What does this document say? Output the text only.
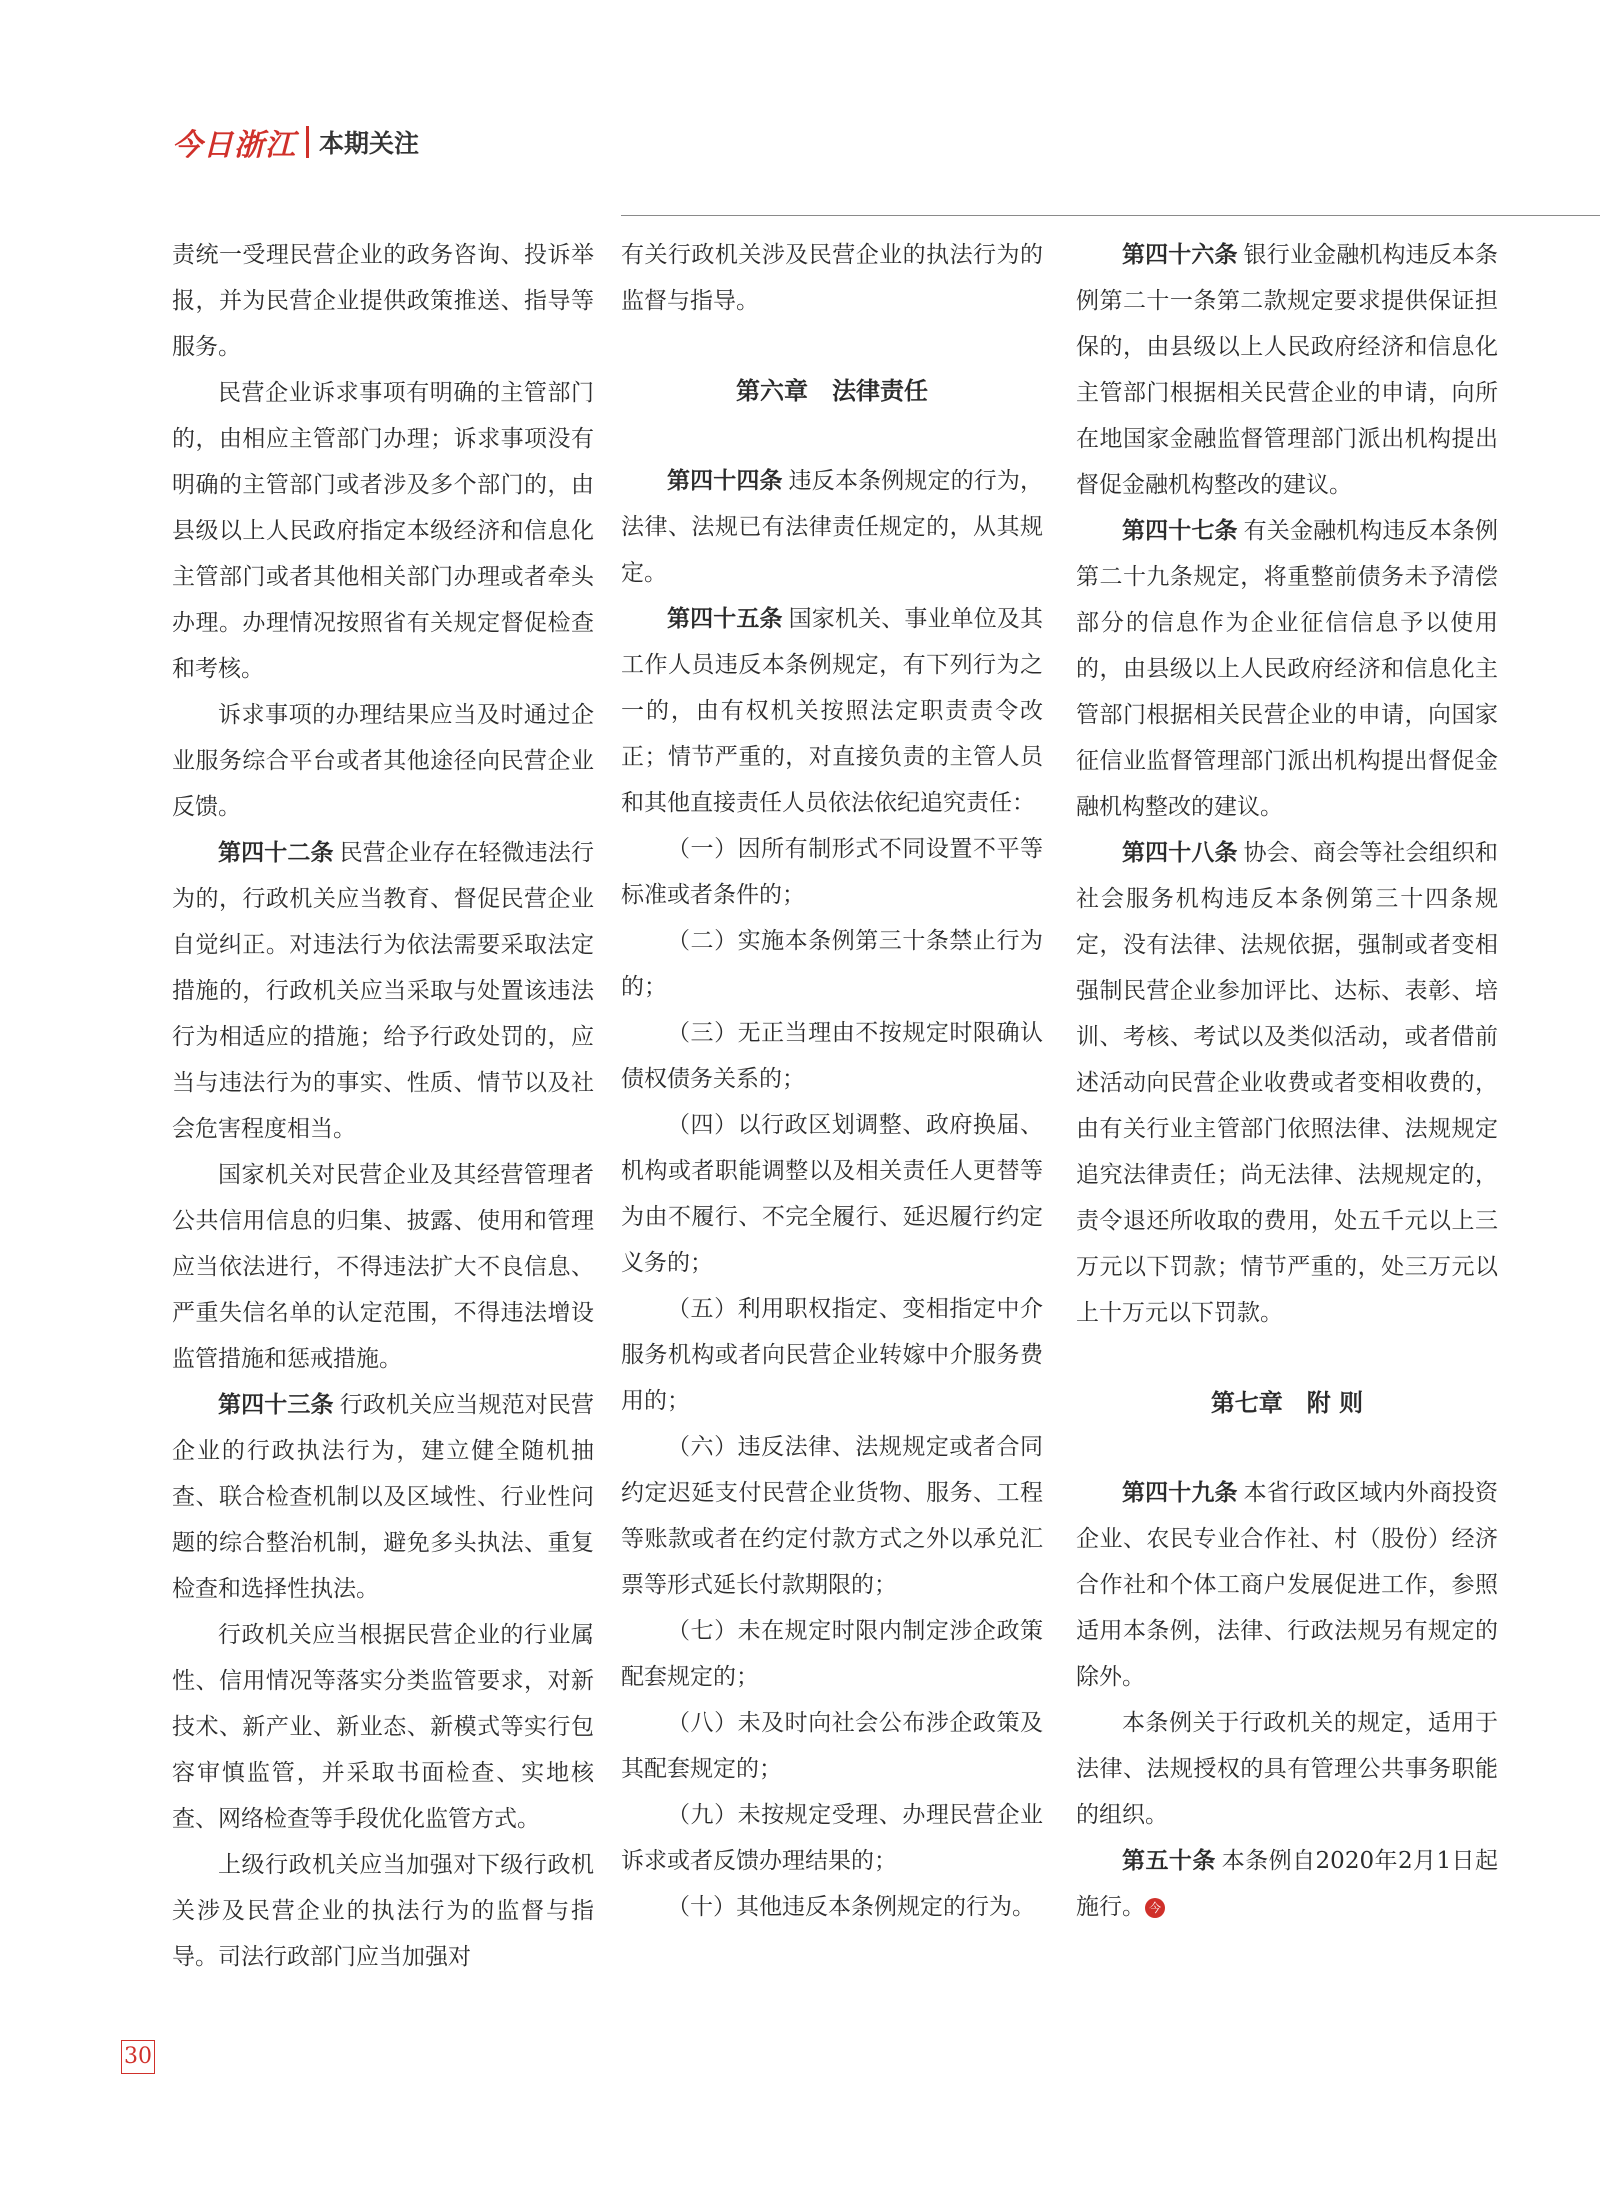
今日浙江 本期关注

责统一受理民营企业的政务咨询、投诉举报，并为民营企业提供政策推送、指导等服务。

民营企业诉求事项有明确的主管部门的，由相应主管部门办理；诉求事项没有明确的主管部门或者涉及多个部门的，由县级以上人民政府指定本级经济和信息化主管部门或者其他相关部门办理或者牵头办理。办理情况按照省有关规定督促检查和考核。

诉求事项的办理结果应当及时通过企业服务综合平台或者其他途径向民营企业反馈。

第四十二条 民营企业存在轻微违法行为的，行政机关应当教育、督促民营企业自觉纠正。对违法行为依法需要采取法定措施的，行政机关应当采取与处置该违法行为相适应的措施；给予行政处罚的，应当与违法行为的事实、性质、情节以及社会危害程度相当。

国家机关对民营企业及其经营管理者公共信用信息的归集、披露、使用和管理应当依法进行，不得违法扩大不良信息、严重失信名单的认定范围，不得违法增设监管措施和惩戒措施。

第四十三条 行政机关应当规范对民营企业的行政执法行为，建立健全随机抽查、联合检查机制以及区域性、行业性问题的综合整治机制，避免多头执法、重复检查和选择性执法。

行政机关应当根据民营企业的行业属性、信用情况等落实分类监管要求，对新技术、新产业、新业态、新模式等实行包容审慎监管，并采取书面检查、实地核查、网络检查等手段优化监管方式。

上级行政机关应当加强对下级行政机关涉及民营企业的执法行为的监督与指导。司法行政部门应当加强对

有关行政机关涉及民营企业的执法行为的监督与指导。

第六章　法律责任

第四十四条 违反本条例规定的行为，法律、法规已有法律责任规定的，从其规定。

第四十五条 国家机关、事业单位及其工作人员违反本条例规定，有下列行为之一的，由有权机关按照法定职责责令改正；情节严重的，对直接负责的主管人员和其他直接责任人员依法依纪追究责任：

（一）因所有制形式不同设置不平等标准或者条件的；

（二）实施本条例第三十条禁止行为的；

（三）无正当理由不按规定时限确认债权债务关系的；

（四）以行政区划调整、政府换届、机构或者职能调整以及相关责任人更替等为由不履行、不完全履行、延迟履行约定义务的；

（五）利用职权指定、变相指定中介服务机构或者向民营企业转嫁中介服务费用的；

（六）违反法律、法规规定或者合同约定迟延支付民营企业货物、服务、工程等账款或者在约定付款方式之外以承兑汇票等形式延长付款期限的；

（七）未在规定时限内制定涉企政策配套规定的；

（八）未及时向社会公布涉企政策及其配套规定的；

（九）未按规定受理、办理民营企业诉求或者反馈办理结果的；

（十）其他违反本条例规定的行为。

第四十六条 银行业金融机构违反本条例第二十一条第二款规定要求提供保证担保的，由县级以上人民政府经济和信息化主管部门根据相关民营企业的申请，向所在地国家金融监督管理部门派出机构提出督促金融机构整改的建议。

第四十七条 有关金融机构违反本条例第二十九条规定，将重整前债务未予清偿部分的信息作为企业征信信息予以使用的，由县级以上人民政府经济和信息化主管部门根据相关民营企业的申请，向国家征信业监督管理部门派出机构提出督促金融机构整改的建议。

第四十八条 协会、商会等社会组织和社会服务机构违反本条例第三十四条规定，没有法律、法规依据，强制或者变相强制民营企业参加评比、达标、表彰、培训、考核、考试以及类似活动，或者借前述活动向民营企业收费或者变相收费的，由有关行业主管部门依照法律、法规规定追究法律责任；尚无法律、法规规定的，责令退还所收取的费用，处五千元以上三万元以下罚款；情节严重的，处三万元以上十万元以下罚款。

第七章　附 则

第四十九条 本省行政区域内外商投资企业、农民专业合作社、村（股份）经济合作社和个体工商户发展促进工作，参照适用本条例，法律、行政法规另有规定的除外。

本条例关于行政机关的规定，适用于法律、法规授权的具有管理公共事务职能的组织。

第五十条 本条例自2020年2月1日起施行。 今

30
